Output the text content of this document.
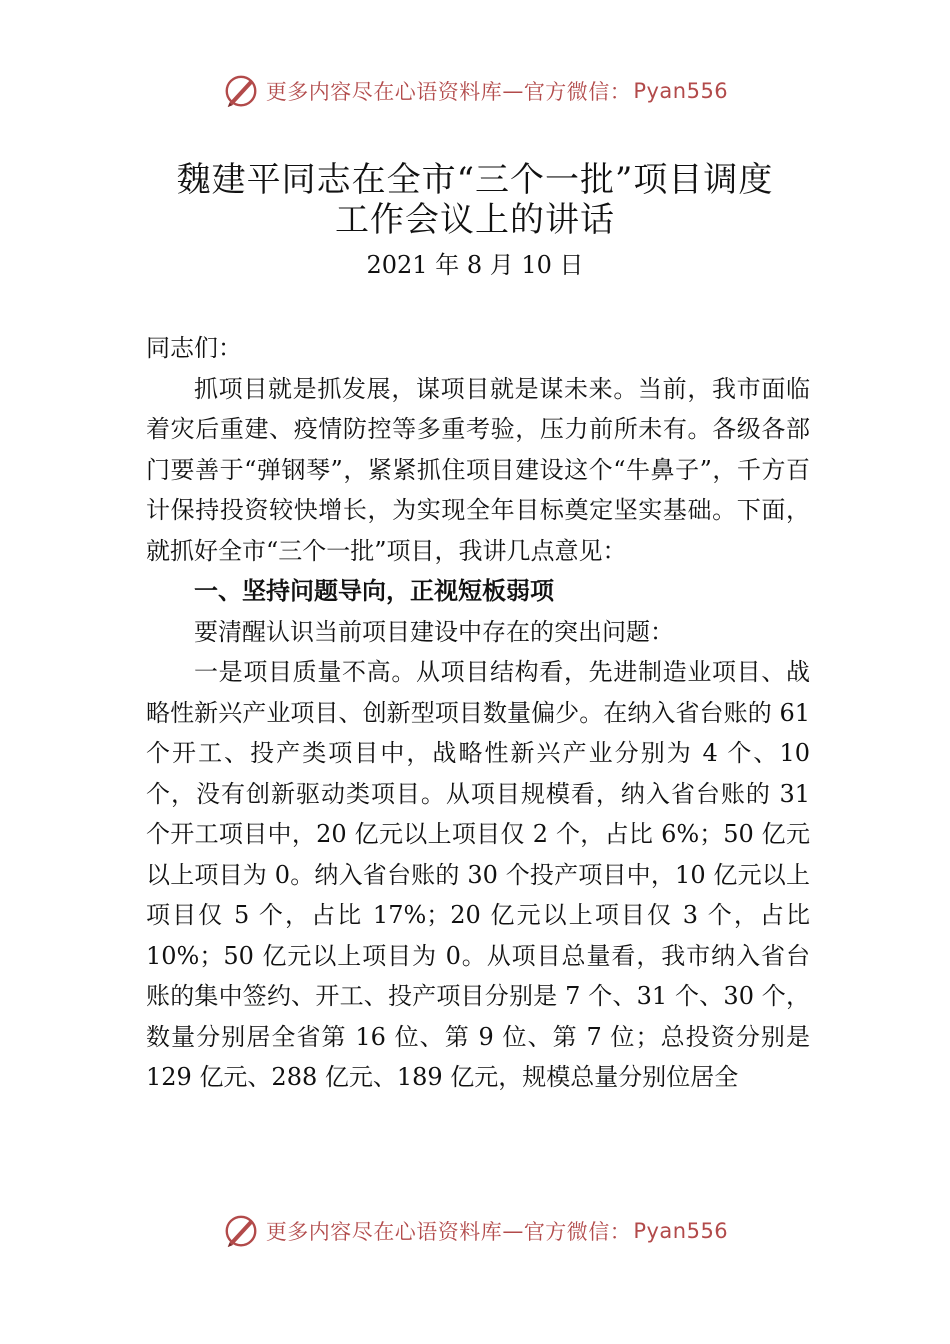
更多内容尽在心语资料库 — 官方微信： Pyan556
魏建平同志在全市“三个一批”项目调度
工作会议上的讲话
2021 年 8 月 10 日

同志们：

抓项目就是抓发展，谋项目就是谋未来。当前，我市面临着灾后重建、疫情防控等多重考验，压力前所未有。各级各部门要善于“弹钢琴”，紧紧抓住项目建设这个“牛鼻子”，千方百计保持投资较快增长，为实现全年目标奠定坚实基础。下面，就抓好全市“三个一批”项目，我讲几点意见：

一、坚持问题导向，正视短板弱项

要清醒认识当前项目建设中存在的突出问题：

一是项目质量不高。从项目结构看，先进制造业项目、战略性新兴产业项目、创新型项目数量偏少。在纳入省台账的 61 个开工、投产类项目中，战略性新兴产业分别为 4 个、10 个，没有创新驱动类项目。从项目规模看，纳入省台账的 31 个开工项目中，20 亿元以上项目仅 2 个，占比 6%；50 亿元以上项目为 0。纳入省台账的 30 个投产项目中，10 亿元以上项目仅 5 个，占比 17%；20 亿元以上项目仅 3 个，占比 10%；50 亿元以上项目为 0。从项目总量看，我市纳入省台账的集中签约、开工、投产项目分别是 7 个、31 个、30 个，数量分别居全省第 16 位、第 9 位、第 7 位；总投资分别是 129 亿元、288 亿元、189 亿元，规模总量分别位居全

更多内容尽在心语资料库 — 官方微信： Pyan556
